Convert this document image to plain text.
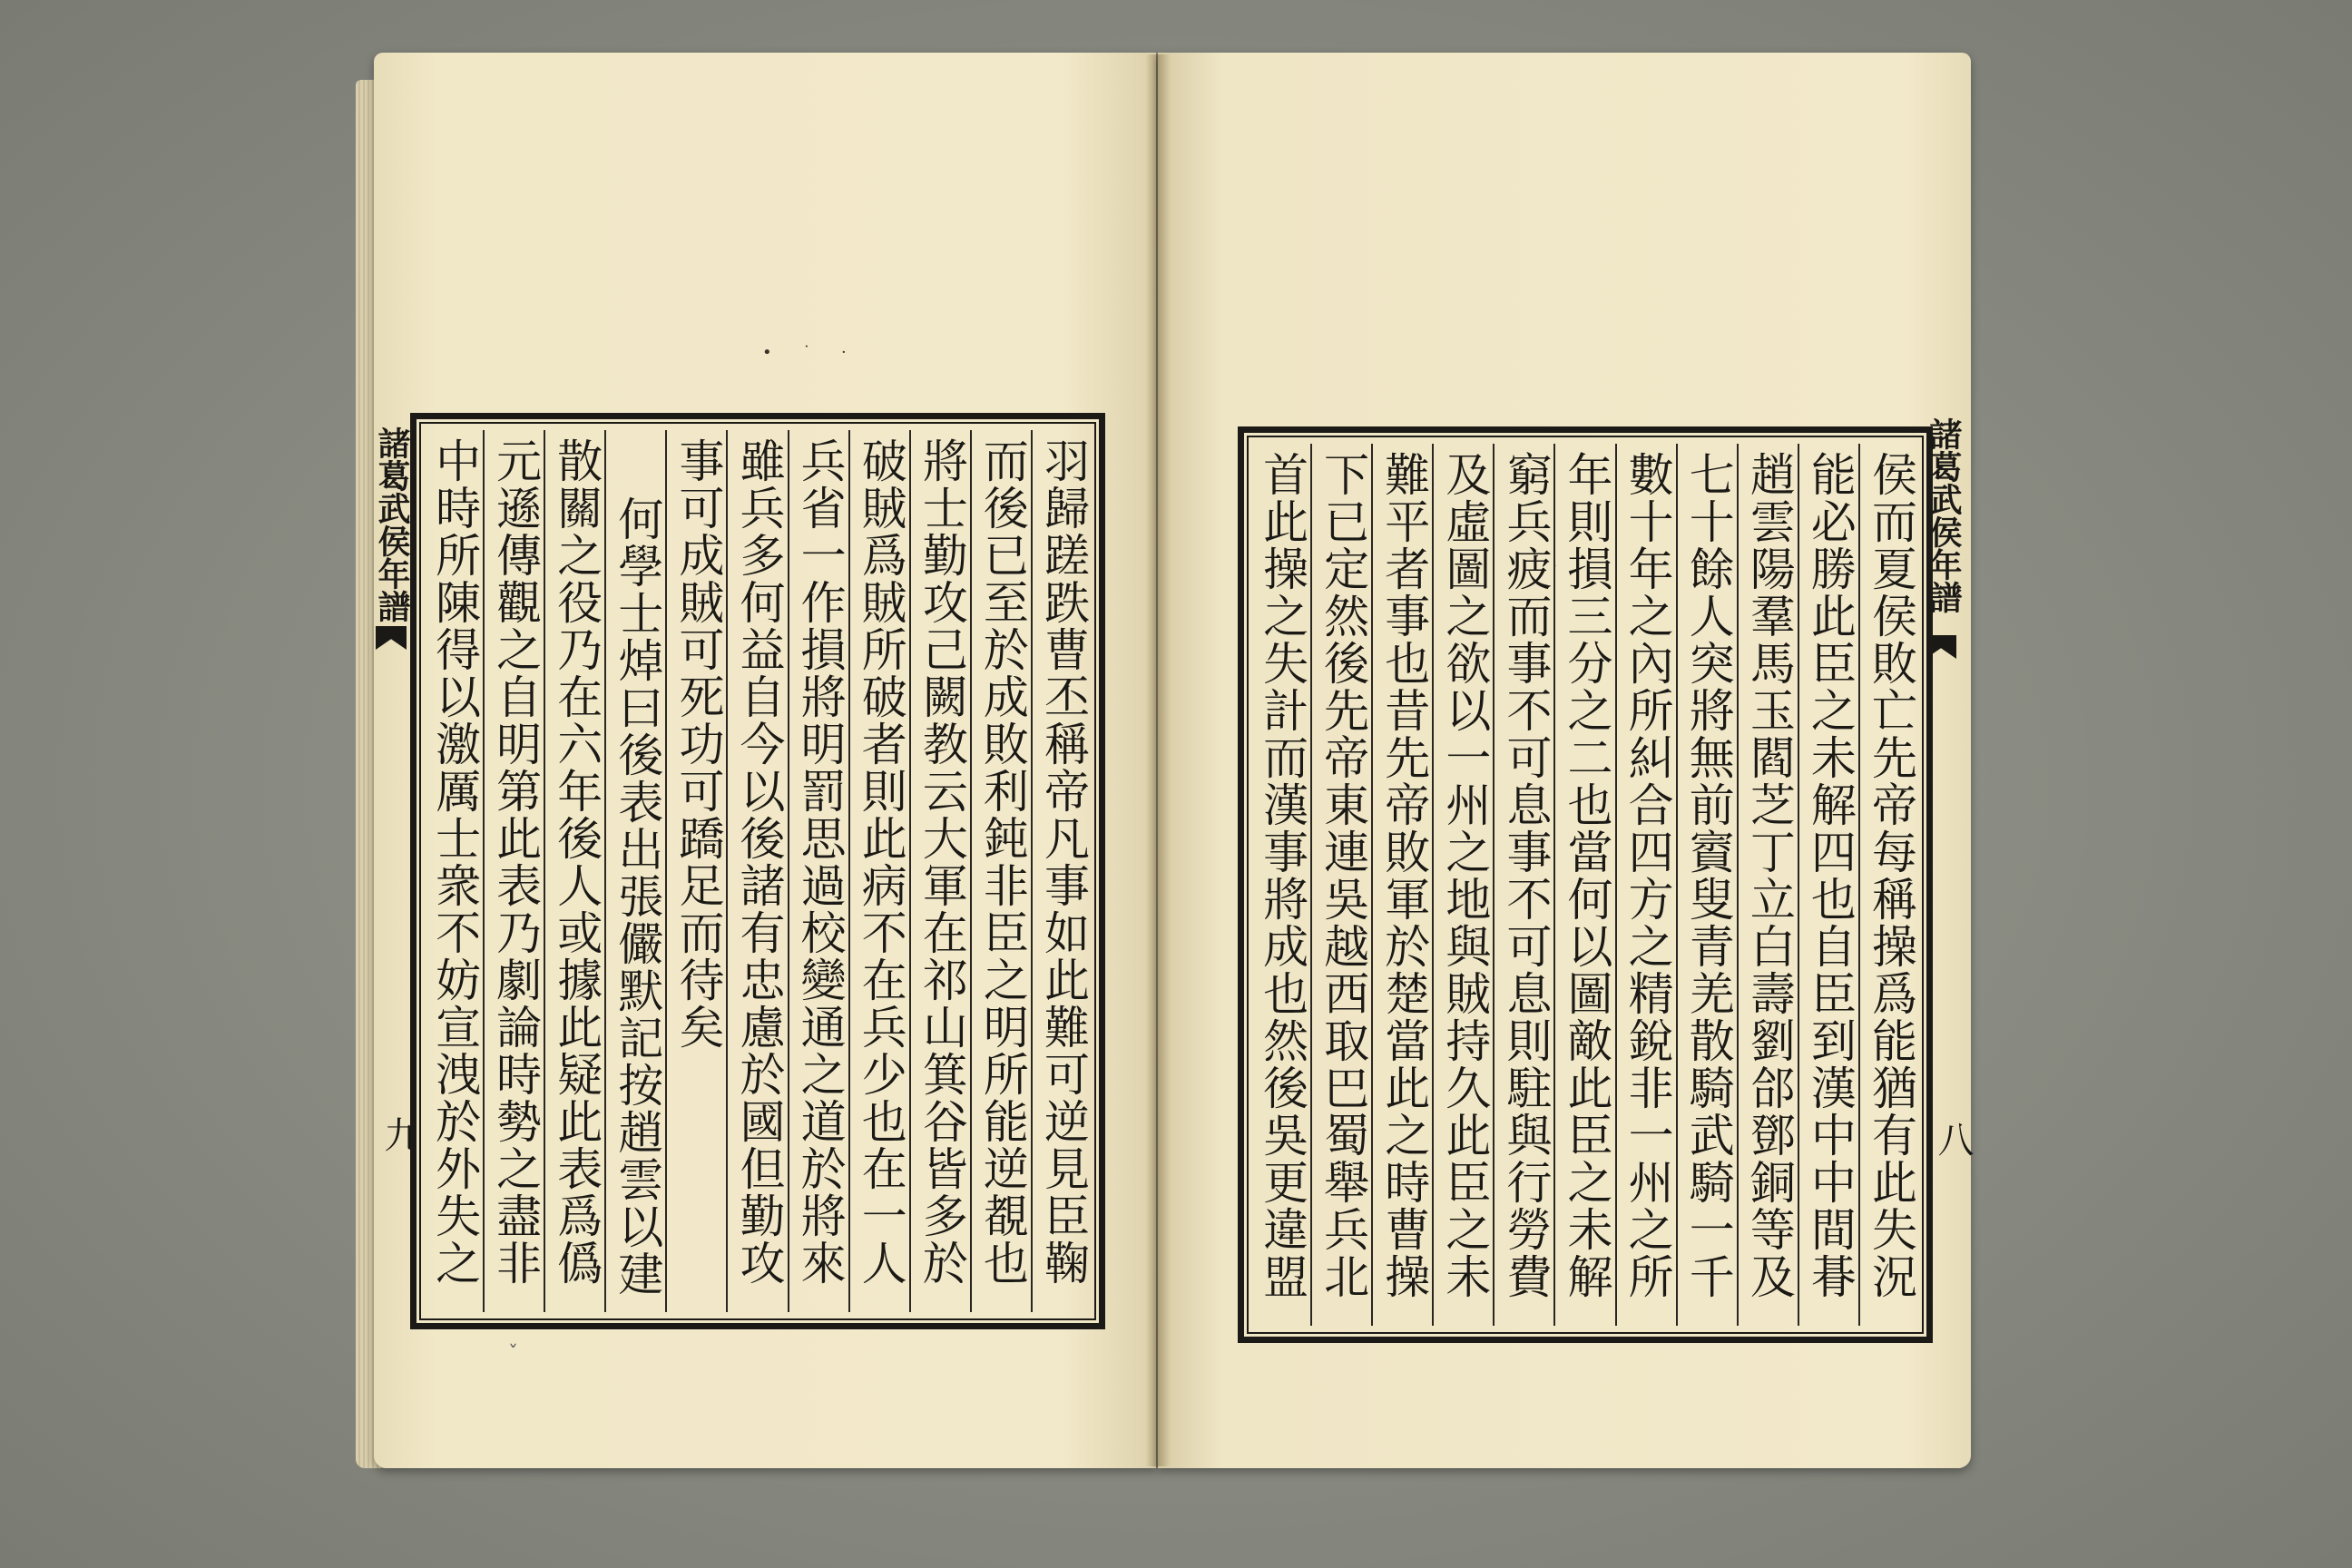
• ˙ ·
諸葛武侯年譜
九
羽歸蹉跌曹丕稱帝凡事如此難可逆見臣鞠
而後已至於成敗利鈍非臣之明所能逆覩也
將士勤攻己闕教云大軍在祁山箕谷皆多於
破賊爲賊所破者則此病不在兵少也在一人
兵省一作損將明罰思過校變通之道於將來
雖兵多何益自今以後諸有忠慮於國但勤攻
事可成賊可死功可蹻足而待矣
何學士焯曰後表出張儼默記按趙雲以建
散關之役乃在六年後人或據此疑此表爲僞
元遜傳觀之自明第此表乃劇論時勢之盡非
中時所陳得以激厲士衆不妨宣洩於外失之
ˇ
諸葛武侯年譜
八
侯而夏侯敗亡先帝每稱操爲能猶有此失況
能必勝此臣之未解四也自臣到漢中中間朞
趙雲陽羣馬玉閻芝丁立白壽劉郃鄧銅等及
七十餘人突將無前賨叟青羌散騎武騎一千
數十年之內所糾合四方之精銳非一州之所
年則損三分之二也當何以圖敵此臣之未解
窮兵疲而事不可息事不可息則駐與行勞費
及虛圖之欲以一州之地與賊持久此臣之未
難平者事也昔先帝敗軍於楚當此之時曹操
下已定然後先帝東連吳越西取巴蜀舉兵北
首此操之失計而漢事將成也然後吳更違盟
